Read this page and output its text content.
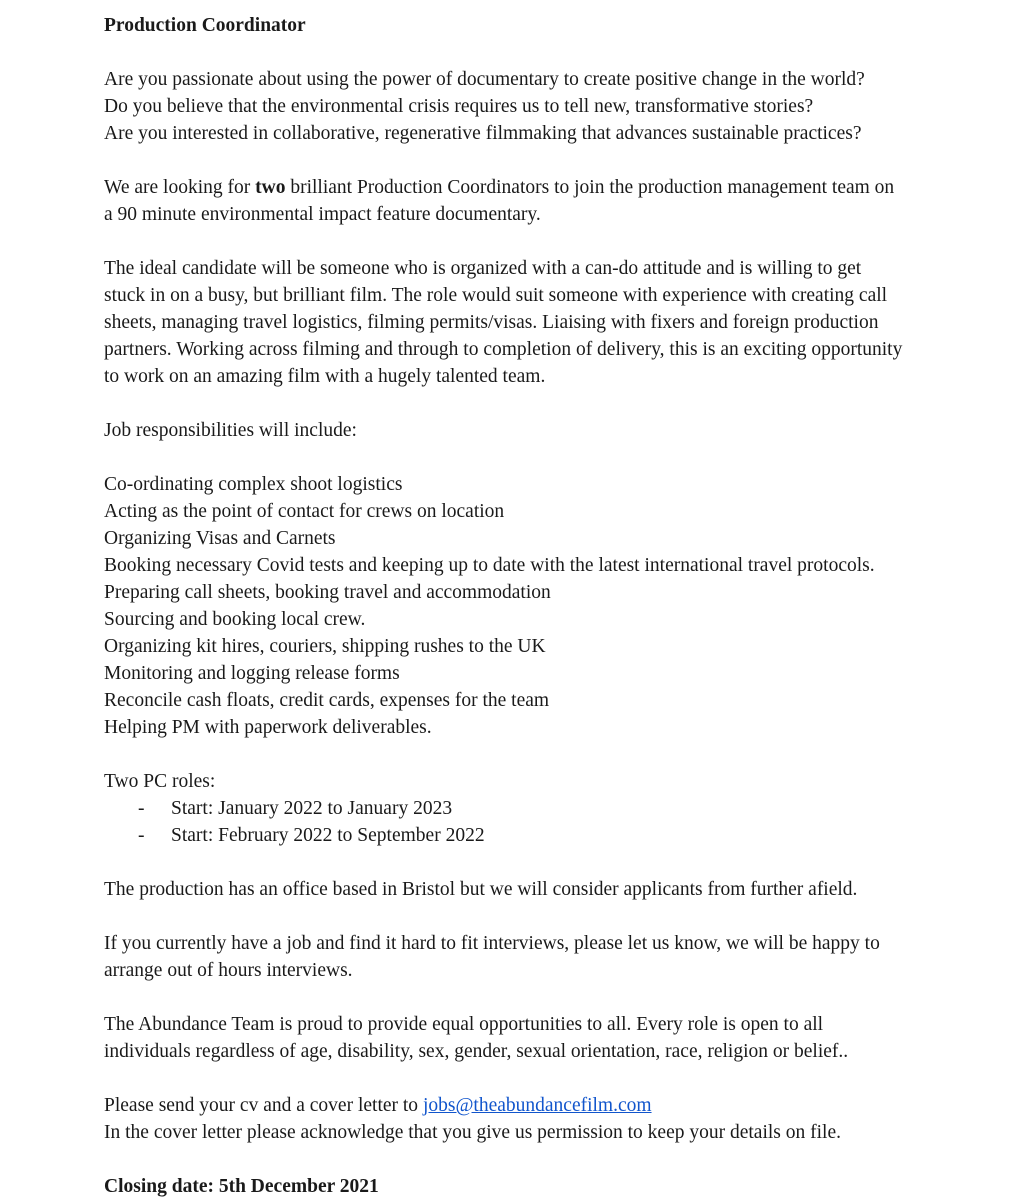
Production Coordinator

Are you passionate about using the power of documentary to create positive change in the world?

Do you believe that the environmental crisis requires us to tell new, transformative stories?

Are you interested in collaborative, regenerative filmmaking that advances sustainable practices?

We are looking for two brilliant Production Coordinators to join the production management team on

a 90 minute environmental impact feature documentary.

The ideal candidate will be someone who is organized with a can-do attitude and is willing to get

stuck in on a busy, but brilliant film. The role would suit someone with experience with creating call

sheets, managing travel logistics, filming permits/visas. Liaising with fixers and foreign production

partners. Working across filming and through to completion of delivery, this is an exciting opportunity

to work on an amazing film with a hugely talented team.

Job responsibilities will include:

Co-ordinating complex shoot logistics

Acting as the point of contact for crews on location

Organizing Visas and Carnets

Booking necessary Covid tests and keeping up to date with the latest international travel protocols.

Preparing call sheets, booking travel and accommodation

Sourcing and booking local crew.

Organizing kit hires, couriers, shipping rushes to the UK

Monitoring and logging release forms

Reconcile cash floats, credit cards, expenses for the team

Helping PM with paperwork deliverables.

Two PC roles:

- Start: January 2022 to January 2023
- Start: February 2022 to September 2022

The production has an office based in Bristol but we will consider applicants from further afield.

If you currently have a job and find it hard to fit interviews, please let us know, we will be happy to

arrange out of hours interviews.

The Abundance Team is proud to provide equal opportunities to all. Every role is open to all

individuals regardless of age, disability, sex, gender, sexual orientation, race, religion or belief..

Please send your cv and a cover letter to jobs@theabundancefilm.com

In the cover letter please acknowledge that you give us permission to keep your details on file.

Closing date: 5th December 2021
